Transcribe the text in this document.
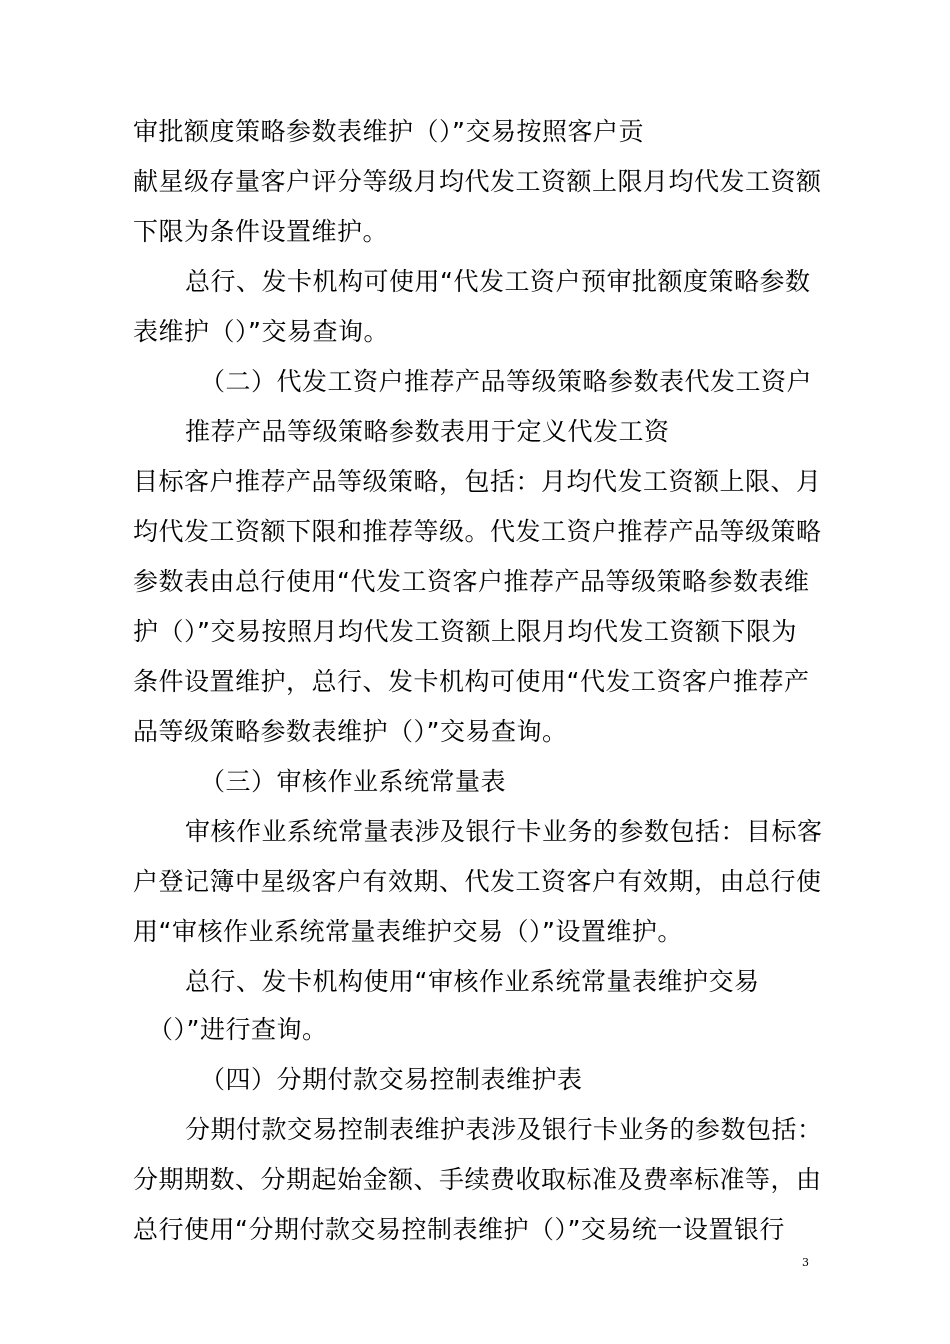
审批额度策略参数表维护（）”交易按照客户贡
献星级存量客户评分等级月均代发工资额上限月均代发工资额
下限为条件设置维护。
总行、发卡机构可使用“代发工资户预审批额度策略参数
表维护（）”交易查询。
（二）代发工资户推荐产品等级策略参数表代发工资户
推荐产品等级策略参数表用于定义代发工资
目标客户推荐产品等级策略，包括：月均代发工资额上限、月
均代发工资额下限和推荐等级。代发工资户推荐产品等级策略
参数表由总行使用“代发工资客户推荐产品等级策略参数表维
护（）”交易按照月均代发工资额上限月均代发工资额下限为
条件设置维护，总行、发卡机构可使用“代发工资客户推荐产
品等级策略参数表维护（）”交易查询。
（三）审核作业系统常量表
审核作业系统常量表涉及银行卡业务的参数包括：目标客
户登记簿中星级客户有效期、代发工资客户有效期，由总行使
用“审核作业系统常量表维护交易（）”设置维护。
总行、发卡机构使用“审核作业系统常量表维护交易
（）”进行查询。
（四）分期付款交易控制表维护表
分期付款交易控制表维护表涉及银行卡业务的参数包括：
分期期数、分期起始金额、手续费收取标准及费率标准等，由
总行使用“分期付款交易控制表维护（）”交易统一设置银行
3
